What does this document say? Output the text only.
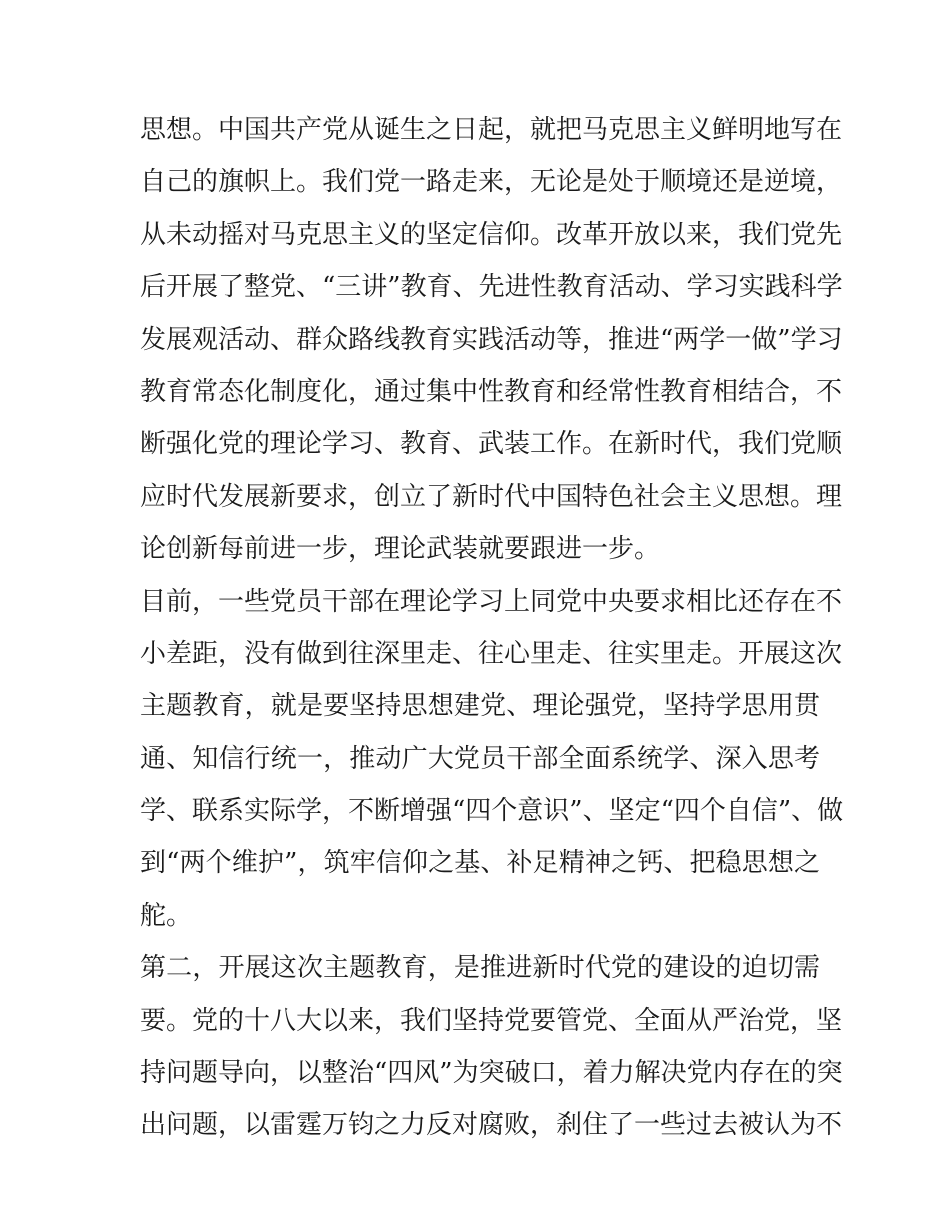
思想。中国共产党从诞生之日起，就把马克思主义鲜明地写在
自己的旗帜上。我们党一路走来，无论是处于顺境还是逆境，
从未动摇对马克思主义的坚定信仰。改革开放以来，我们党先
后开展了整党、“三讲”教育、先进性教育活动、学习实践科学
发展观活动、群众路线教育实践活动等，推进“两学一做”学习
教育常态化制度化，通过集中性教育和经常性教育相结合，不
断强化党的理论学习、教育、武装工作。在新时代，我们党顺
应时代发展新要求，创立了新时代中国特色社会主义思想。理
论创新每前进一步，理论武装就要跟进一步。
目前，一些党员干部在理论学习上同党中央要求相比还存在不
小差距，没有做到往深里走、往心里走、往实里走。开展这次
主题教育，就是要坚持思想建党、理论强党，坚持学思用贯
通、知信行统一，推动广大党员干部全面系统学、深入思考
学、联系实际学，不断增强“四个意识”、坚定“四个自信”、做
到“两个维护”，筑牢信仰之基、补足精神之钙、把稳思想之
舵。
第二，开展这次主题教育，是推进新时代党的建设的迫切需
要。党的十八大以来，我们坚持党要管党、全面从严治党，坚
持问题导向，以整治“四风”为突破口，着力解决党内存在的突
出问题，以雷霆万钧之力反对腐败，刹住了一些过去被认为不
